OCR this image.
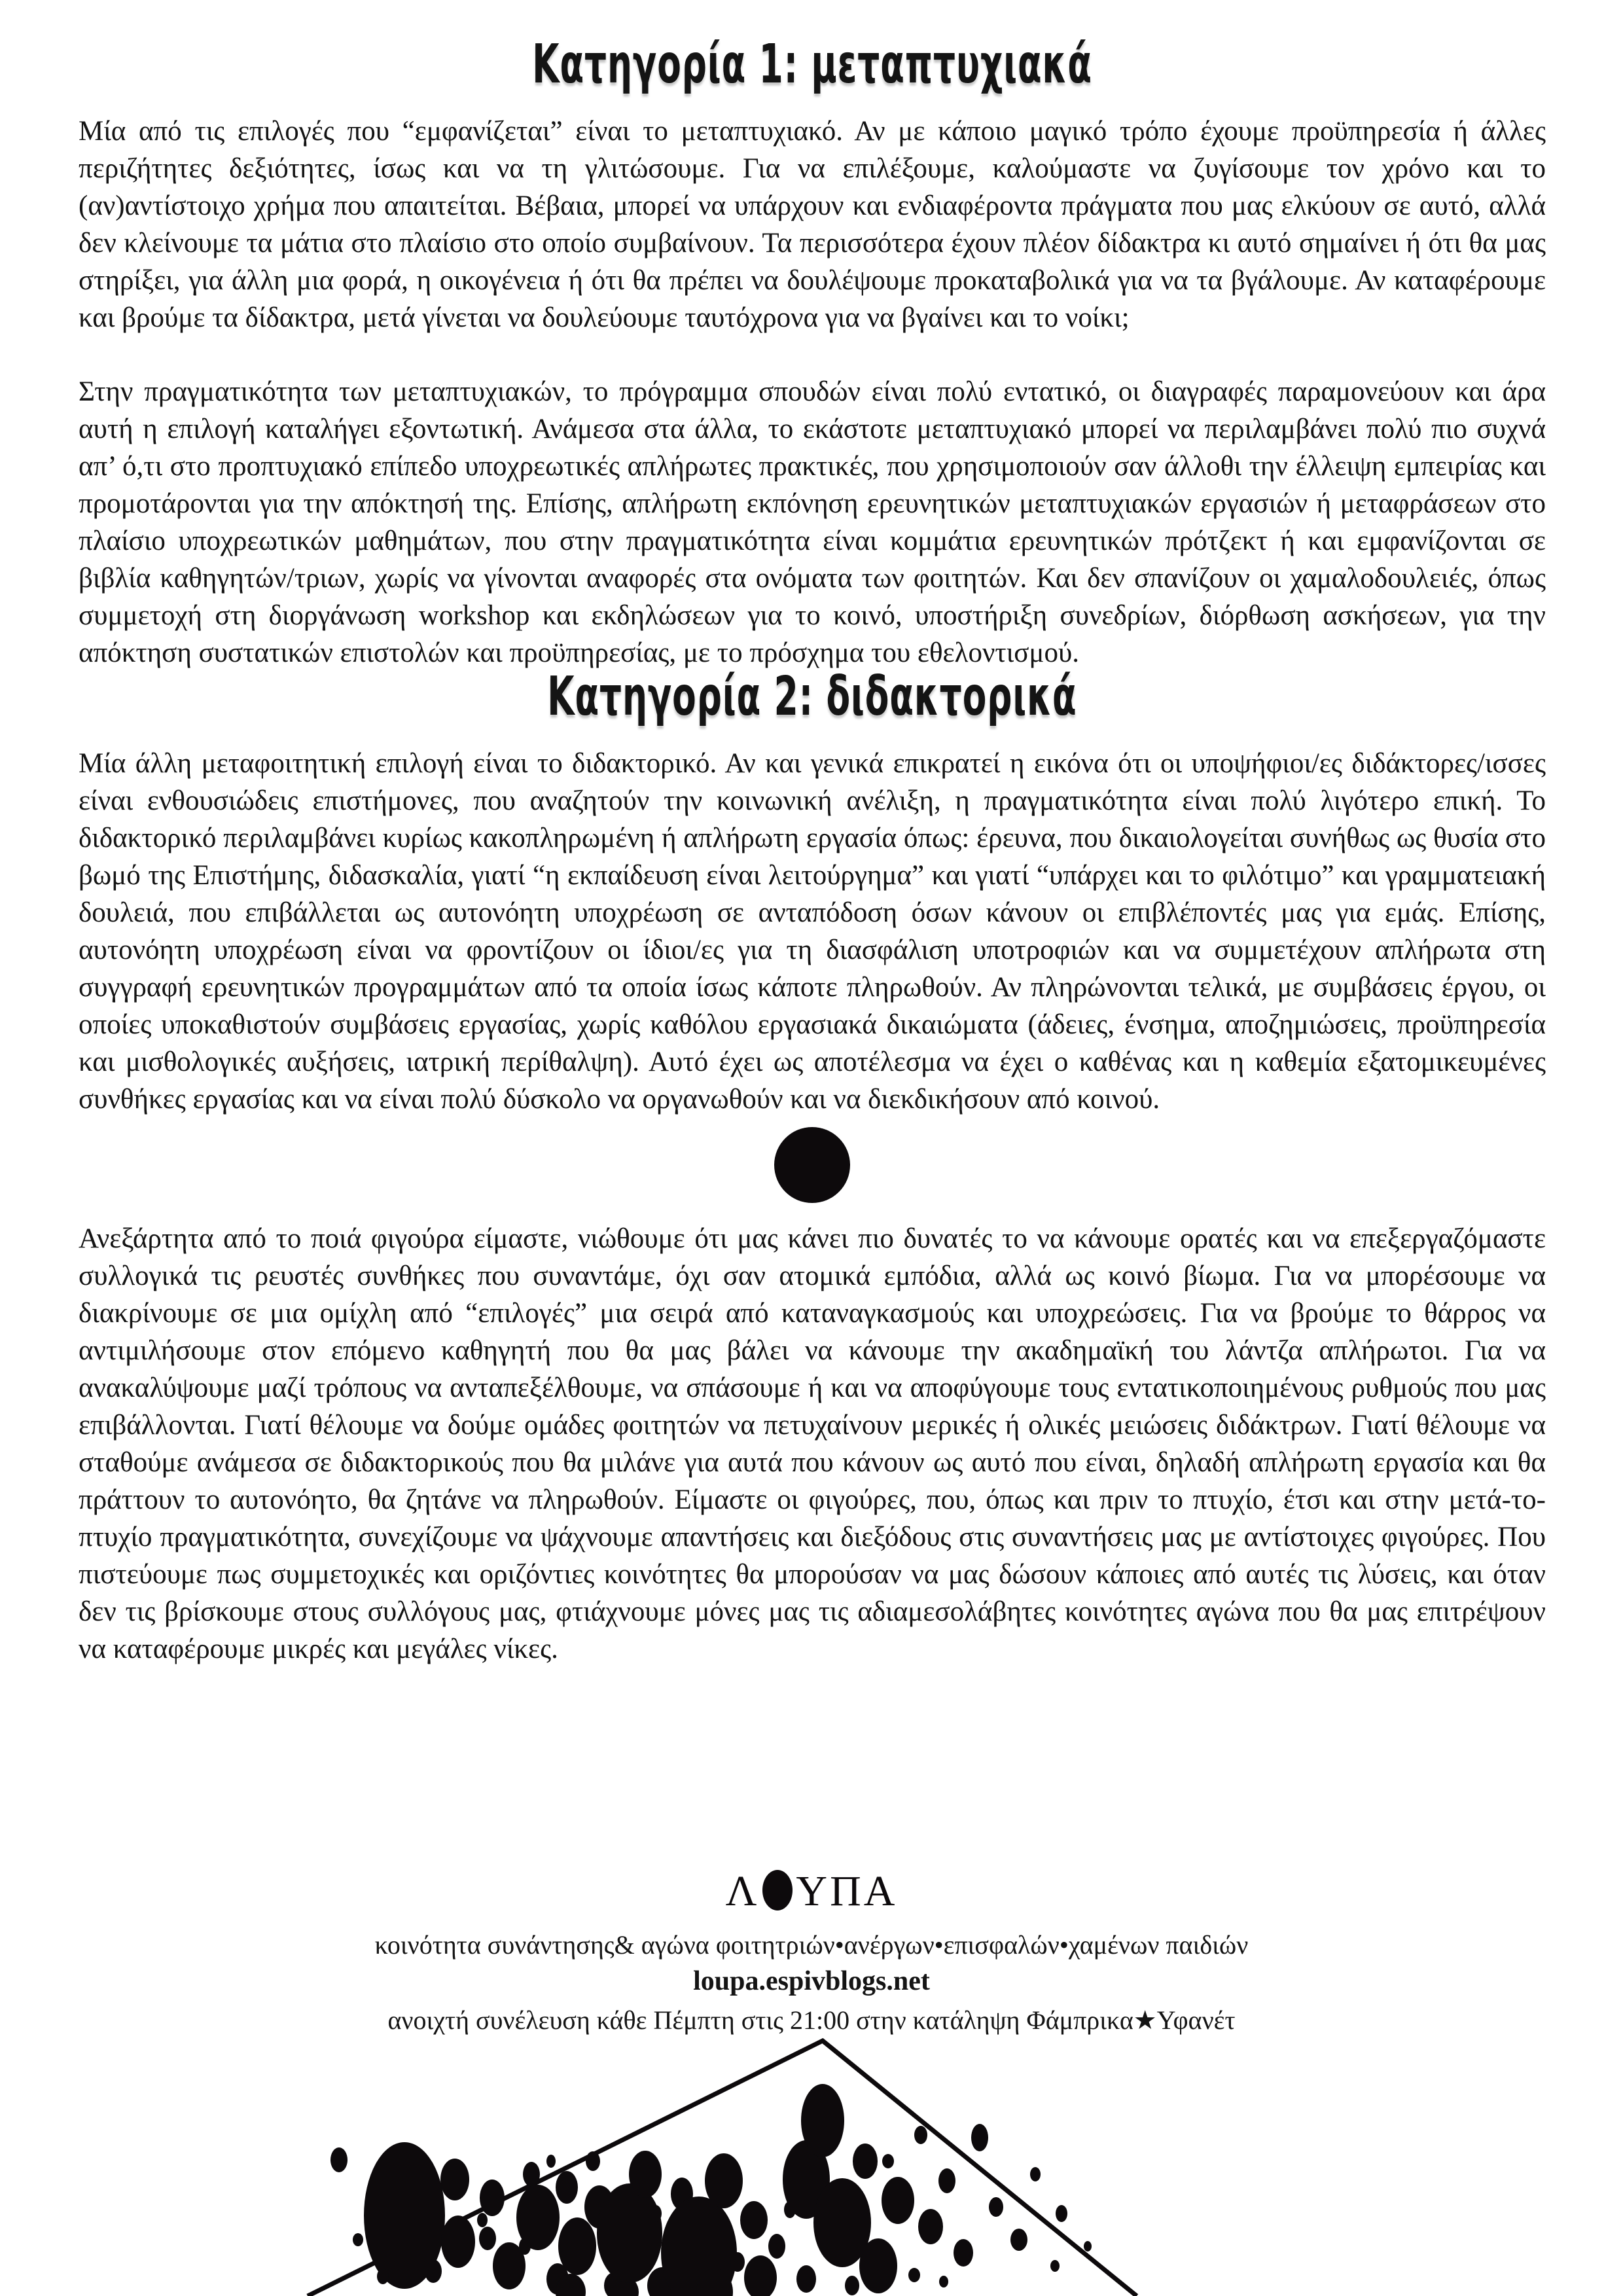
Κατηγορία 1: μεταπτυχιακά

Μία από τις επιλογές που “εμφανίζεται” είναι το μεταπτυχιακό. Αν με κάποιο μαγικό τρόπο έχουμε προϋπηρεσία ή άλλες περιζήτητες δεξιότητες, ίσως και να τη γλιτώσουμε. Για να επιλέξουμε, καλούμαστε να ζυγίσουμε τον χρόνο και το (αν)αντίστοιχο χρήμα που απαιτείται. Βέβαια, μπορεί να υπάρχουν και ενδιαφέροντα πράγματα που μας ελκύουν σε αυτό, αλλά δεν κλείνουμε τα μάτια στο πλαίσιο στο οποίο συμβαίνουν. Τα περισσότερα έχουν πλέον δίδακτρα κι αυτό σημαίνει ή ότι θα μας στηρίξει, για άλλη μια φορά, η οικογένεια ή ότι θα πρέπει να δουλέψουμε προκαταβολικά για να τα βγάλουμε. Αν καταφέρουμε και βρούμε τα δίδακτρα, μετά γίνεται να δουλεύουμε ταυτόχρονα για να βγαίνει και το νοίκι;

Στην πραγματικότητα των μεταπτυχιακών, το πρόγραμμα σπουδών είναι πολύ εντατικό, οι διαγραφές παραμονεύουν και άρα αυτή η επιλογή καταλήγει εξοντωτική. Ανάμεσα στα άλλα, το εκάστοτε μεταπτυχιακό μπορεί να περιλαμβάνει πολύ πιο συχνά απ’ ό,τι στο προπτυχιακό επίπεδο υποχρεωτικές απλήρωτες πρακτικές, που χρησιμοποιούν σαν άλλοθι την έλλειψη εμπειρίας και προμοτάρονται για την απόκτησή της. Επίσης, απλήρωτη εκπόνηση ερευνητικών μεταπτυχιακών εργασιών ή μεταφράσεων στο πλαίσιο υποχρεωτικών μαθημάτων, που στην πραγματικότητα είναι κομμάτια ερευνητικών πρότζεκτ ή και εμφανίζονται σε βιβλία καθηγητών/τριων, χωρίς να γίνονται αναφορές στα ονόματα των φοιτητών. Και δεν σπανίζουν οι χαμαλοδουλειές, όπως συμμετοχή στη διοργάνωση workshop και εκδηλώσεων για το κοινό, υποστήριξη συνεδρίων, διόρθωση ασκήσεων, για την απόκτηση συστατικών επιστολών και προϋπηρεσίας, με το πρόσχημα του εθελοντισμού.

Κατηγορία 2: διδακτορικά

Μία άλλη μεταφοιτητική επιλογή είναι το διδακτορικό. Αν και γενικά επικρατεί η εικόνα ότι οι υποψήφιοι/ες διδάκτορες/ισσες είναι ενθουσιώδεις επιστήμονες, που αναζητούν την κοινωνική ανέλιξη, η πραγματικότητα είναι πολύ λιγότερο επική. Το διδακτορικό περιλαμβάνει κυρίως κακοπληρωμένη ή απλήρωτη εργασία όπως: έρευνα, που δικαιολογείται συνήθως ως θυσία στο βωμό της Επιστήμης, διδασκαλία, γιατί “η εκπαίδευση είναι λειτούργημα” και γιατί “υπάρχει και το φιλότιμο” και γραμματειακή δουλειά, που επιβάλλεται ως αυτονόητη υποχρέωση σε ανταπόδοση όσων κάνουν οι επιβλέποντές μας για εμάς. Επίσης, αυτονόητη υποχρέωση είναι να φροντίζουν οι ίδιοι/ες για τη διασφάλιση υποτροφιών και να συμμετέχουν απλήρωτα στη συγγραφή ερευνητικών προγραμμάτων από τα οποία ίσως κάποτε πληρωθούν. Αν πληρώνονται τελικά, με συμβάσεις έργου, οι οποίες υποκαθιστούν συμβάσεις εργασίας, χωρίς καθόλου εργασιακά δικαιώματα (άδειες, ένσημα, αποζημιώσεις, προϋπηρεσία και μισθολογικές αυξήσεις, ιατρική περίθαλψη). Αυτό έχει ως αποτέλεσμα να έχει ο καθένας και η καθεμία εξατομικευμένες συνθήκες εργασίας και να είναι πολύ δύσκολο να οργανωθούν και να διεκδικήσουν από κοινού.

Ανεξάρτητα από το ποιά φιγούρα είμαστε, νιώθουμε ότι μας κάνει πιο δυνατές το να κάνουμε ορατές και να επεξεργαζόμαστε συλλογικά τις ρευστές συνθήκες που συναντάμε, όχι σαν ατομικά εμπόδια, αλλά ως κοινό βίωμα. Για να μπορέσουμε να διακρίνουμε σε μια ομίχλη από “επιλογές” μια σειρά από καταναγκασμούς και υποχρεώσεις. Για να βρούμε το θάρρος να αντιμιλήσουμε στον επόμενο καθηγητή που θα μας βάλει να κάνουμε την ακαδημαϊκή του λάντζα απλήρωτοι. Για να ανακαλύψουμε μαζί τρόπους να ανταπεξέλθουμε, να σπάσουμε ή και να αποφύγουμε τους εντατικοποιημένους ρυθμούς που μας επιβάλλονται. Γιατί θέλουμε να δούμε ομάδες φοιτητών να πετυχαίνουν μερικές ή ολικές μειώσεις διδάκτρων. Γιατί θέλουμε να σταθούμε ανάμεσα σε διδακτορικούς που θα μιλάνε για αυτά που κάνουν ως αυτό που είναι, δηλαδή απλήρωτη εργασία και θα πράττουν το αυτονόητο, θα ζητάνε να πληρωθούν. Είμαστε οι φιγούρες, που, όπως και πριν το πτυχίο, έτσι και στην μετά-το-πτυχίο πραγματικότητα, συνεχίζουμε να ψάχνουμε απαντήσεις και διεξόδους στις συναντήσεις μας με αντίστοιχες φιγούρες. Που πιστεύουμε πως συμμετοχικές και οριζόντιες κοινότητες θα μπορούσαν να μας δώσουν κάποιες από αυτές τις λύσεις, και όταν δεν τις βρίσκουμε στους συλλόγους μας, φτιάχνουμε μόνες μας τις αδιαμεσολάβητες κοινότητες αγώνα που θα μας επιτρέψουν να καταφέρουμε μικρές και μεγάλες νίκες.

Λ ΥΠΑ
κοινότητα συνάντησης& αγώνα φοιτητριών•ανέργων•επισφαλών•χαμένων παιδιών
loupa.espivblogs.net
ανοιχτή συνέλευση κάθε Πέμπτη στις 21:00 στην κατάληψη Φάμπρικα★Υφανέτ
